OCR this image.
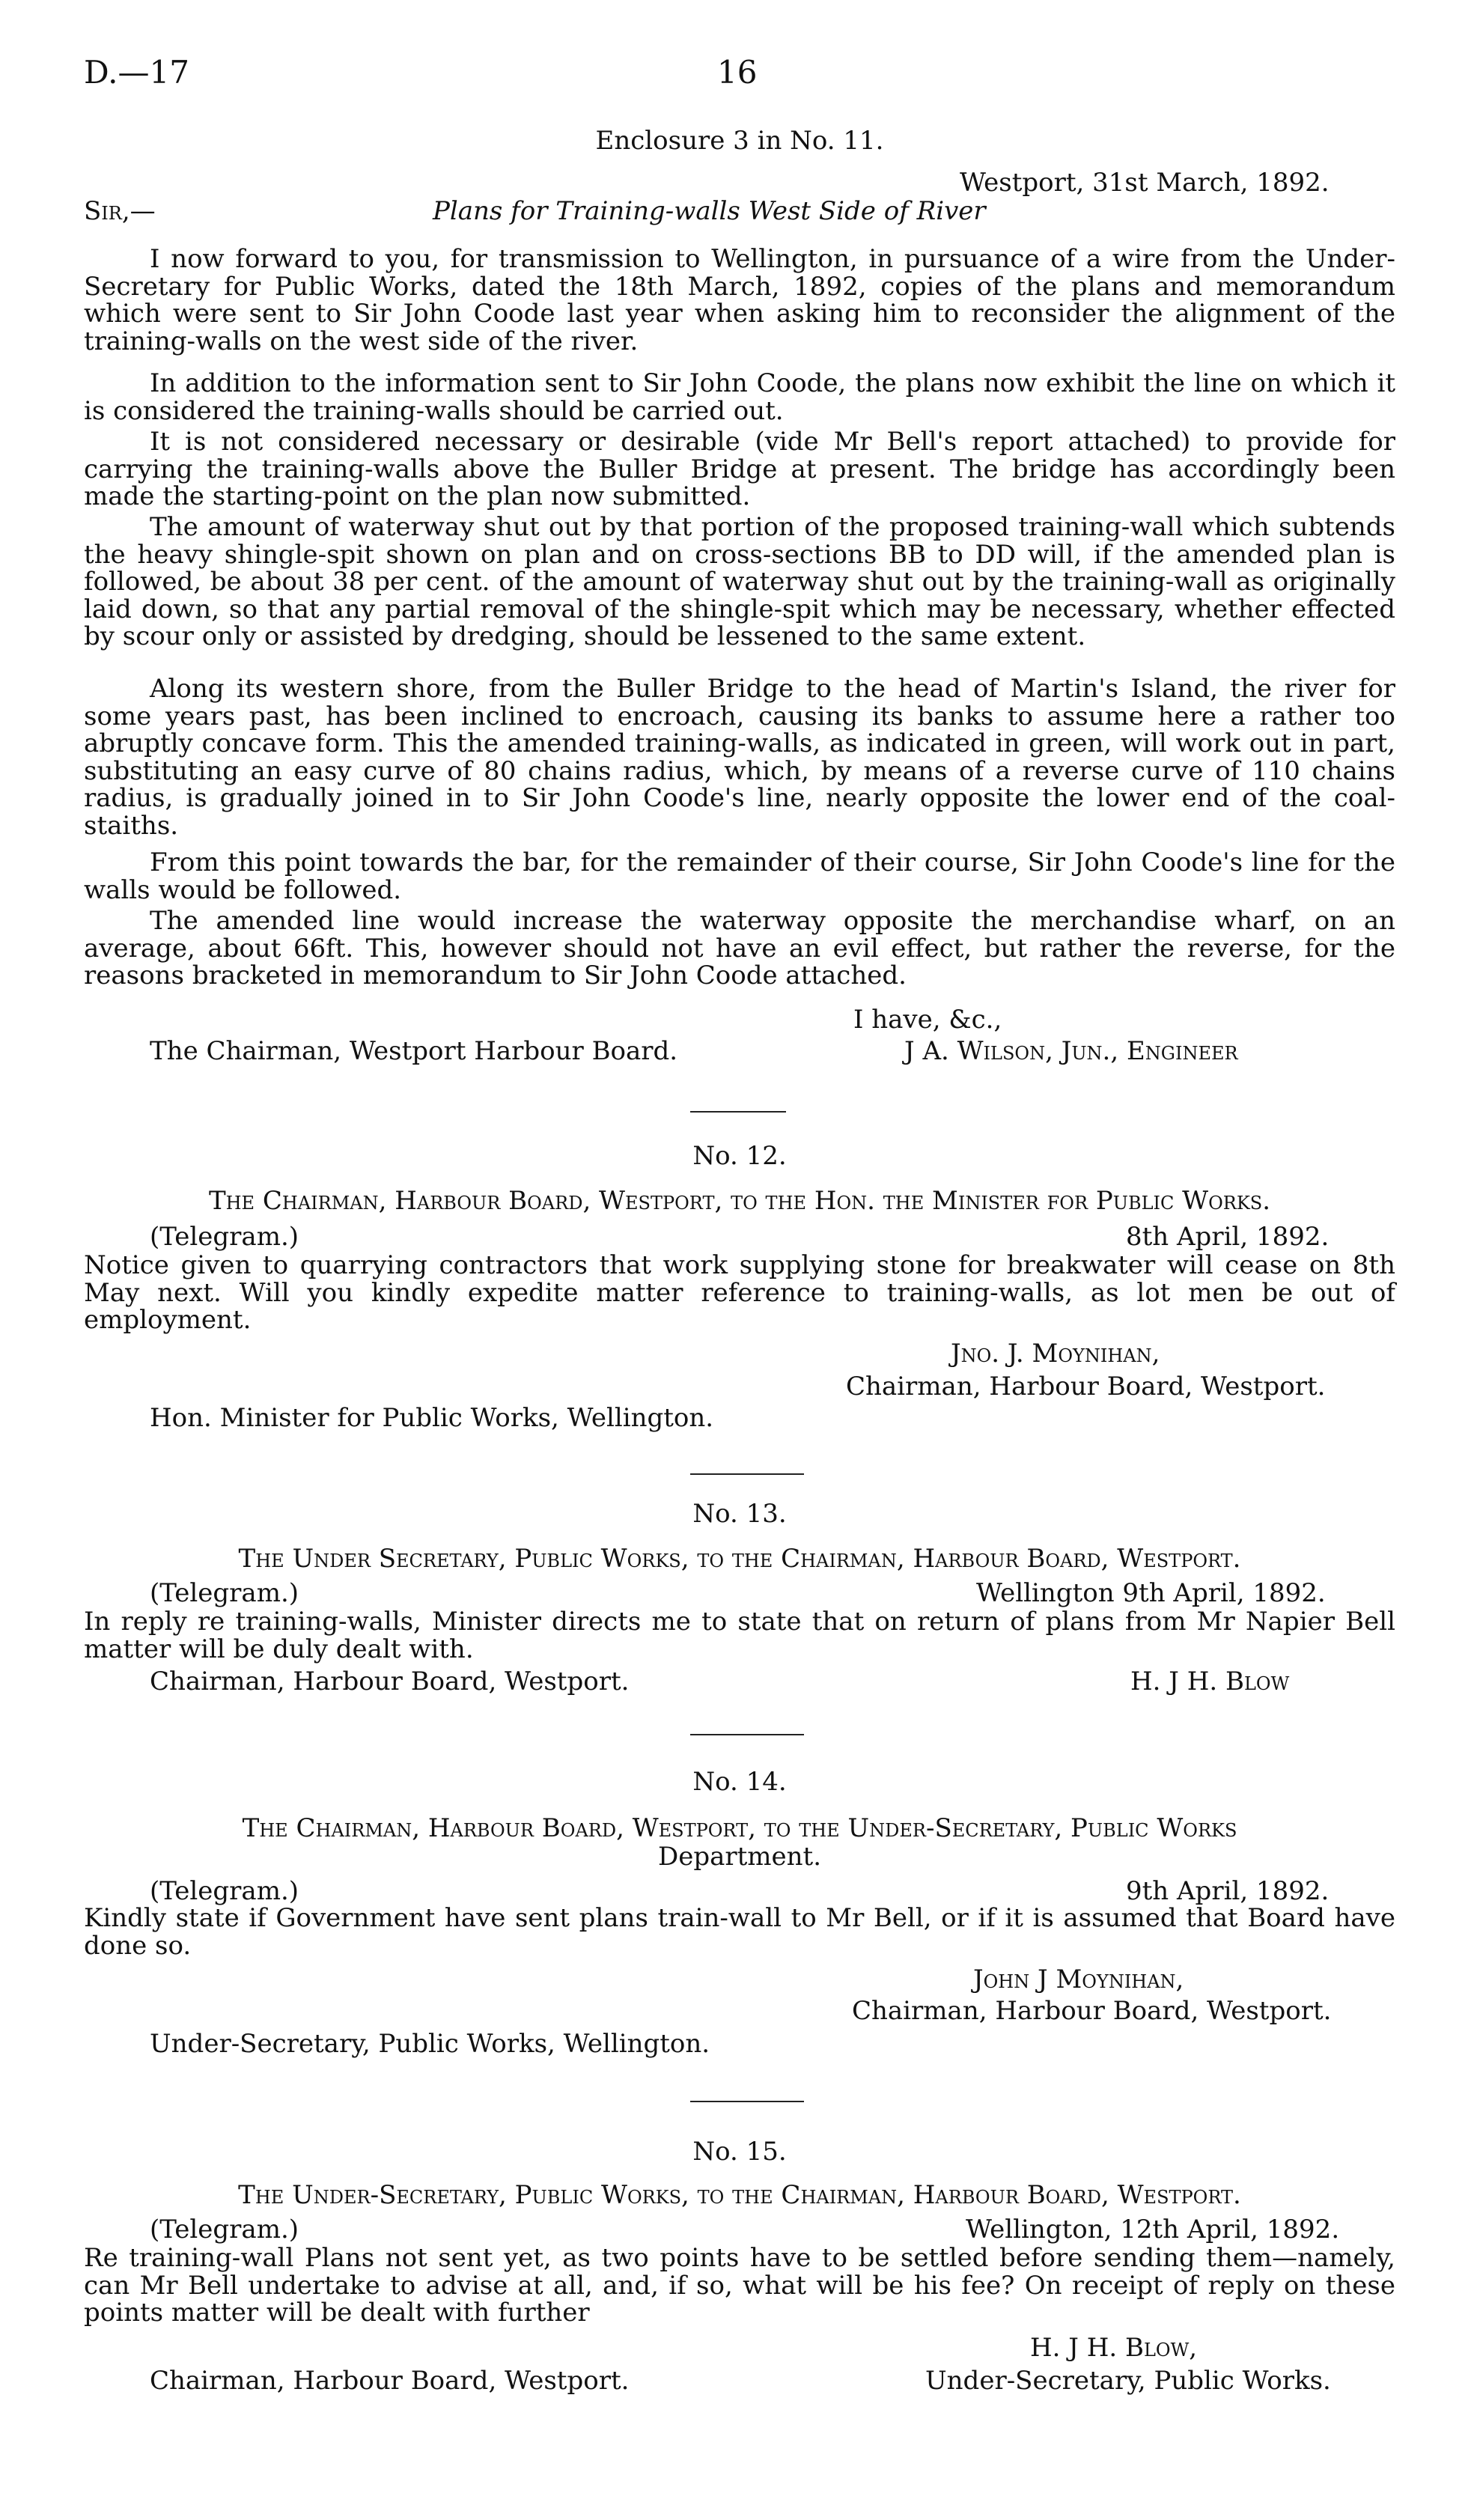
D.—17	16
Enclosure 3 in No. 11.
Westport, 31st March, 1892.
Sir,—	Plans for Training-walls West Side of River

I now forward to you, for transmission to Wellington, in pursuance of a wire from the Under-Secretary for Public Works, dated the 18th March, 1892, copies of the plans and memorandum which were sent to Sir John Coode last year when asking him to reconsider the alignment of the training-walls on the west side of the river.

In addition to the information sent to Sir John Coode, the plans now exhibit the line on which it is considered the training-walls should be carried out.

It is not considered necessary or desirable (vide Mr Bell's report attached) to provide for carrying the training-walls above the Buller Bridge at present. The bridge has accordingly been made the starting-point on the plan now submitted.

The amount of waterway shut out by that portion of the proposed training-wall which subtends the heavy shingle-spit shown on plan and on cross-sections BB to DD will, if the amended plan is followed, be about 38 per cent. of the amount of waterway shut out by the training-wall as originally laid down, so that any partial removal of the shingle-spit which may be necessary, whether effected by scour only or assisted by dredging, should be lessened to the same extent.

Along its western shore, from the Buller Bridge to the head of Martin's Island, the river for some years past, has been inclined to encroach, causing its banks to assume here a rather too abruptly concave form. This the amended training-walls, as indicated in green, will work out in part, substituting an easy curve of 80 chains radius, which, by means of a reverse curve of 110 chains radius, is gradually joined in to Sir John Coode's line, nearly opposite the lower end of the coal-staiths.

From this point towards the bar, for the remainder of their course, Sir John Coode's line for the walls would be followed.

The amended line would increase the waterway opposite the merchandise wharf, on an average, about 66ft. This, however should not have an evil effect, but rather the reverse, for the reasons bracketed in memorandum to Sir John Coode attached.

I have, &c.,
The Chairman, Westport Harbour Board.	J A. Wilson, Jun., Engineer
No. 12.
The Chairman, Harbour Board, Westport, to the Hon. the Minister for Public Works.
(Telegram.)	8th April, 1892.

Notice given to quarrying contractors that work supplying stone for breakwater will cease on 8th May next. Will you kindly expedite matter reference to training-walls, as lot men be out of employment.

Jno. J. Moynihan,
Chairman, Harbour Board, Westport.
Hon. Minister for Public Works, Wellington.
No. 13.
The Under Secretary, Public Works, to the Chairman, Harbour Board, Westport.
(Telegram.)	Wellington 9th April, 1892.

In reply re training-walls, Minister directs me to state that on return of plans from Mr Napier Bell matter will be duly dealt with.

Chairman, Harbour Board, Westport.	H. J H. Blow
No. 14.
The Chairman, Harbour Board, Westport, to the Under-Secretary, Public Works
Department.
(Telegram.)	9th April, 1892.

Kindly state if Government have sent plans train-wall to Mr Bell, or if it is assumed that Board have done so.

John J Moynihan,
Chairman, Harbour Board, Westport.
Under-Secretary, Public Works, Wellington.
No. 15.
The Under-Secretary, Public Works, to the Chairman, Harbour Board, Westport.
(Telegram.)	Wellington, 12th April, 1892.

Re training-wall Plans not sent yet, as two points have to be settled before sending them—namely, can Mr Bell undertake to advise at all, and, if so, what will be his fee? On receipt of reply on these points matter will be dealt with further

H. J H. Blow,
Under-Secretary, Public Works.
Chairman, Harbour Board, Westport.
